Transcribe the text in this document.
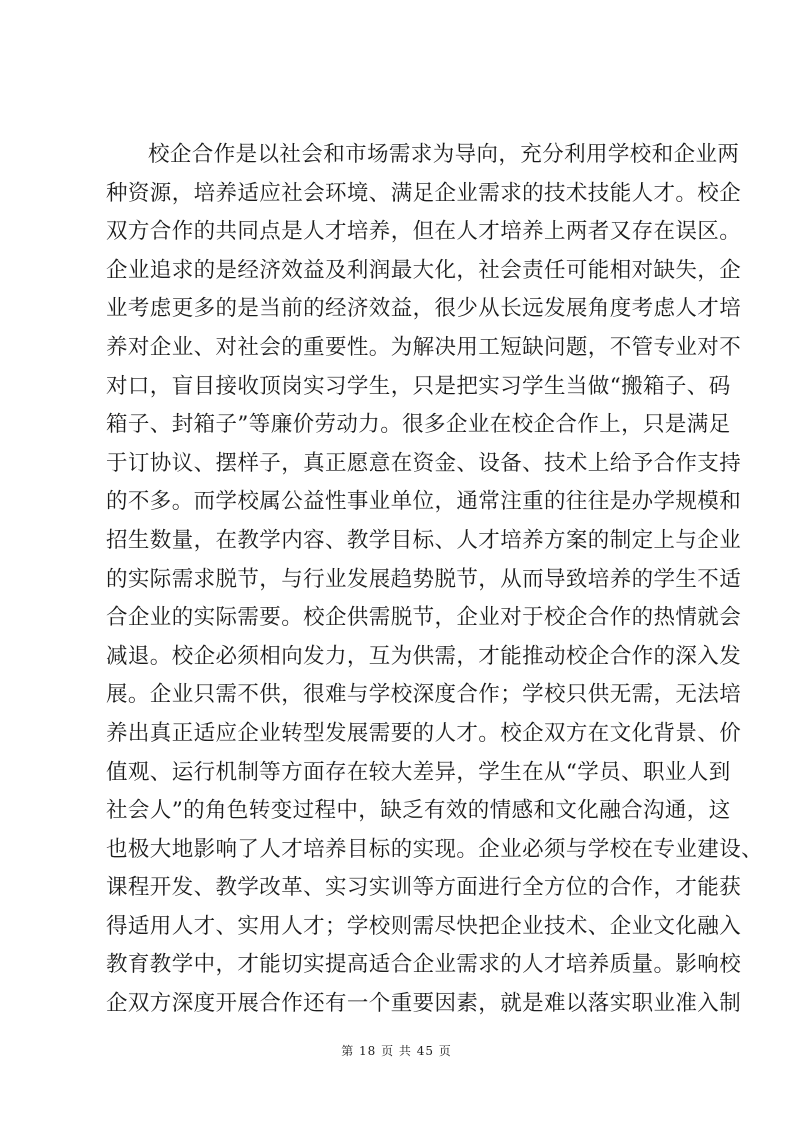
校企合作是以社会和市场需求为导向，充分利用学校和企业两
种资源，培养适应社会环境、满足企业需求的技术技能人才。校企
双方合作的共同点是人才培养，但在人才培养上两者又存在误区。
企业追求的是经济效益及利润最大化，社会责任可能相对缺失，企
业考虑更多的是当前的经济效益，很少从长远发展角度考虑人才培
养对企业、对社会的重要性。为解决用工短缺问题，不管专业对不
对口，盲目接收顶岗实习学生，只是把实习学生当做“搬箱子、码
箱子、封箱子”等廉价劳动力。很多企业在校企合作上，只是满足
于订协议、摆样子，真正愿意在资金、设备、技术上给予合作支持
的不多。而学校属公益性事业单位，通常注重的往往是办学规模和
招生数量，在教学内容、教学目标、人才培养方案的制定上与企业
的实际需求脱节，与行业发展趋势脱节，从而导致培养的学生不适
合企业的实际需要。校企供需脱节，企业对于校企合作的热情就会
减退。校企必须相向发力，互为供需，才能推动校企合作的深入发
展。企业只需不供，很难与学校深度合作；学校只供无需，无法培
养出真正适应企业转型发展需要的人才。校企双方在文化背景、价
值观、运行机制等方面存在较大差异，学生在从“学员、职业人到
社会人”的角色转变过程中，缺乏有效的情感和文化融合沟通，这
也极大地影响了人才培养目标的实现。企业必须与学校在专业建设、
课程开发、教学改革、实习实训等方面进行全方位的合作，才能获
得适用人才、实用人才；学校则需尽快把企业技术、企业文化融入
教育教学中，才能切实提高适合企业需求的人才培养质量。影响校
企双方深度开展合作还有一个重要因素，就是难以落实职业准入制
第 18 页 共 45 页
